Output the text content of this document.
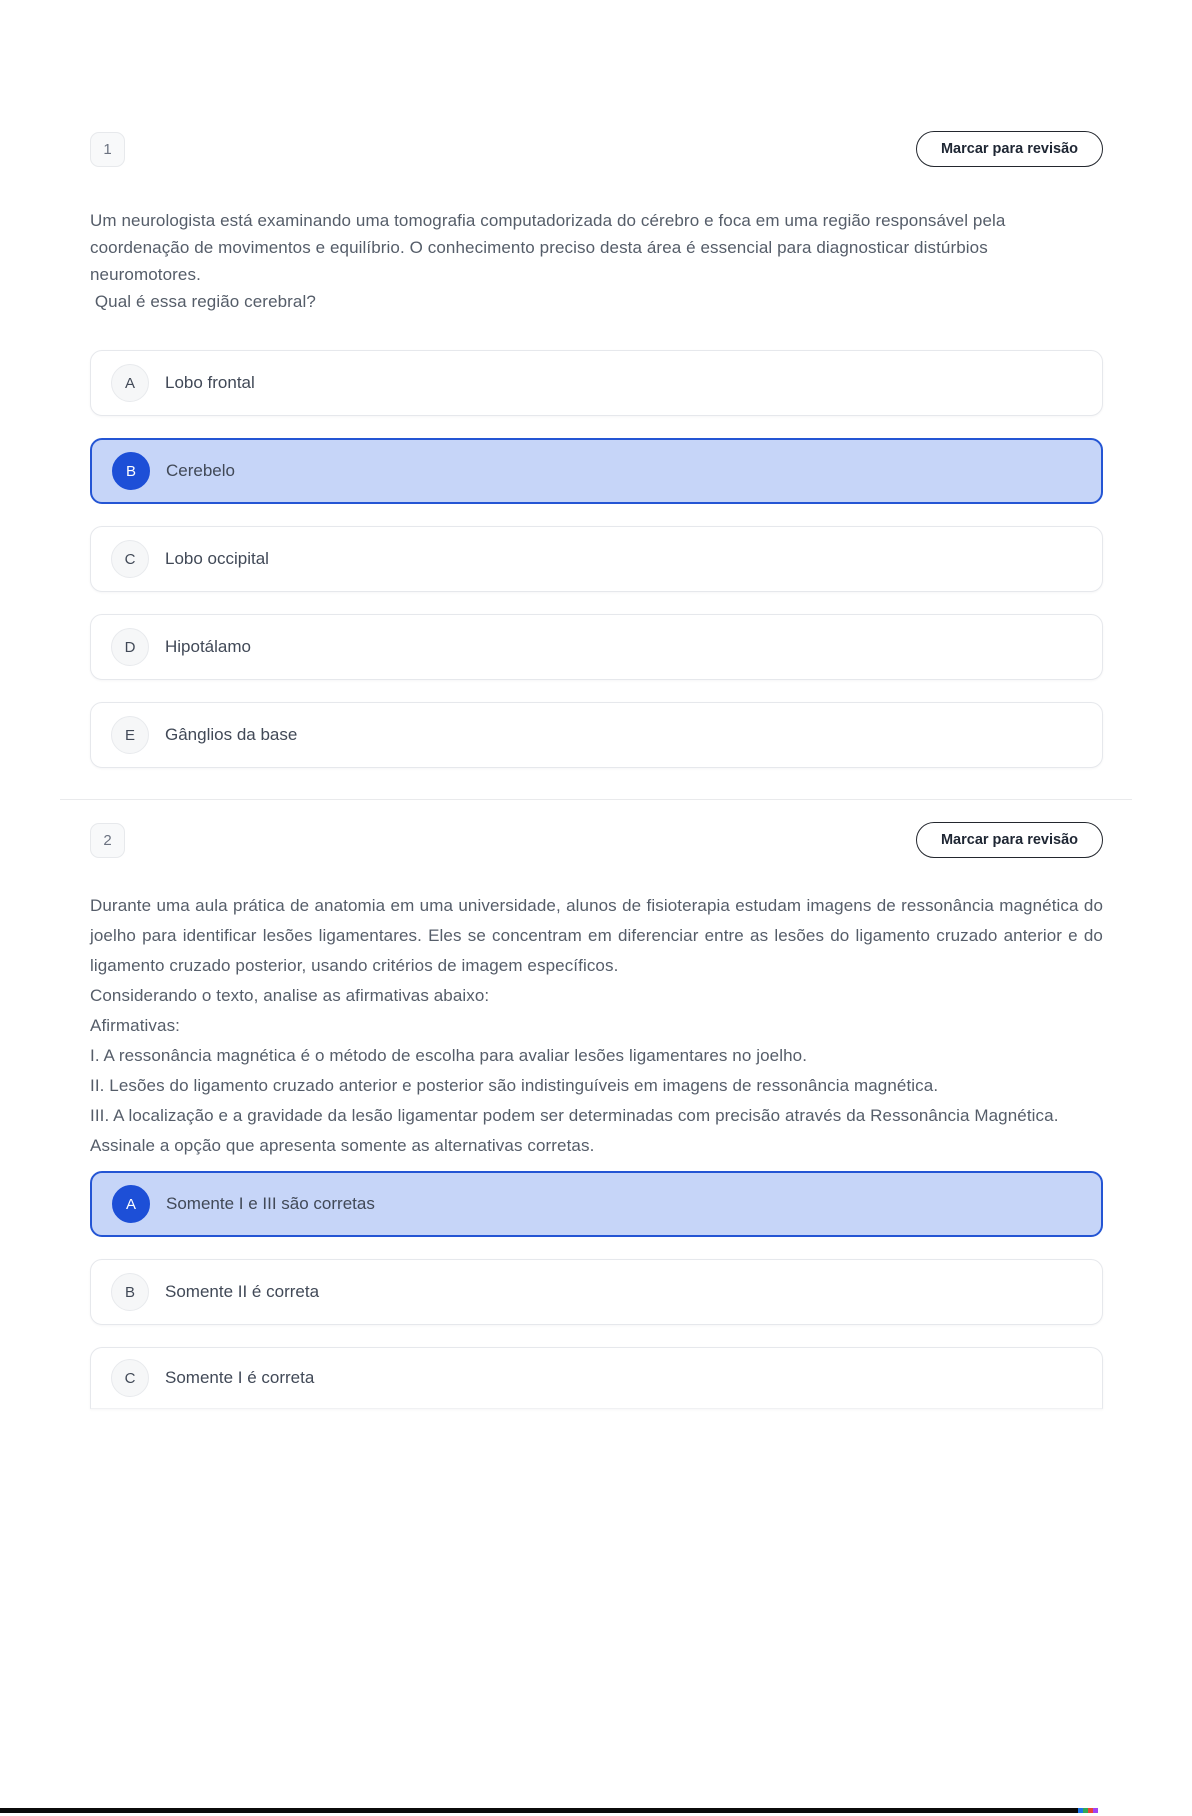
1	Marcar para revisão

Um neurologista está examinando uma tomografia computadorizada do cérebro e foca em uma região responsável pela coordenação de movimentos e equilíbrio. O conhecimento preciso desta área é essencial para diagnosticar distúrbios neuromotores.

Qual é essa região cerebral?

A	Lobo frontal
B	Cerebelo
C	Lobo occipital
D	Hipotálamo
E	Gânglios da base
2	Marcar para revisão

Durante uma aula prática de anatomia em uma universidade, alunos de fisioterapia estudam imagens de ressonância magnética do joelho para identificar lesões ligamentares. Eles se concentram em diferenciar entre as lesões do ligamento cruzado anterior e do ligamento cruzado posterior, usando critérios de imagem específicos.

Considerando o texto, analise as afirmativas abaixo:

Afirmativas:

I. A ressonância magnética é o método de escolha para avaliar lesões ligamentares no joelho.

II. Lesões do ligamento cruzado anterior e posterior são indistinguíveis em imagens de ressonância magnética.

III. A localização e a gravidade da lesão ligamentar podem ser determinadas com precisão através da Ressonância Magnética.

Assinale a opção que apresenta somente as alternativas corretas.

A	Somente I e III são corretas
B	Somente II é correta
C	Somente I é correta
